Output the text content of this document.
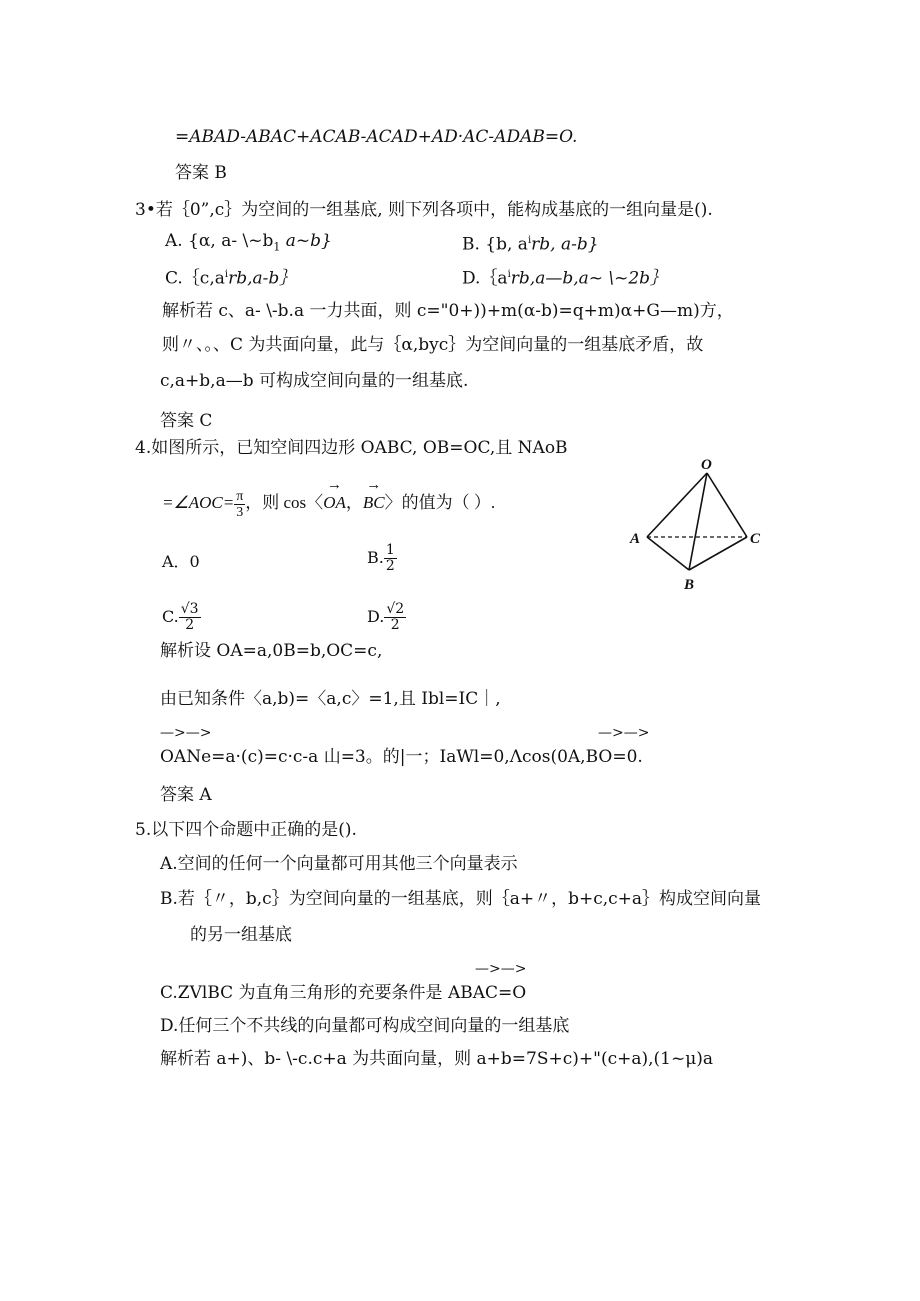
=ABAD-ABAC+ACAB-ACAD+AD·AC-ADAB=O.
答案 B
3•若｛0”,c｝为空间的一组基底, 则下列各项中，能构成基底的一组向量是().
A. {α, a- $\backslash\sim b_1$ a~b}	B. {b, $a^irb$, a-b}
$C.\{c,a^irb,a-b\}$	$D.\{a^irb,a—b,a\sim$ \~2b｝
解析若 c、a- \-b.a 一力共面，则 c="0+))+m(α-b)=q+m)α+G—m)方，
则〃、。、C 为共面向量，此与｛α,byc｝为空间向量的一组基底矛盾，故
c,a+b,a—b 可构成空间向量的一组基底.
答案 C
4.如图所示，已知空间四边形 OABC, OB=OC,且 NAoB
=∠AOC= $\frac{\pi}{3}$ ，则 cos〈
→
OA，
→
BC〉的值为（ ）.
A．0	B. $\frac{1}{2}$
C. $\frac{√3}{2}$	D. $\frac{√2}{2}$
O
A
B
C
解析设 OA=a,0B=b,OC=c,
由已知条件〈a,b)=〈a,c〉=1,且 Ibl=IC｜,
—>—>	—>—>
OANe=a·(c)=c·c-a 山=3。的|一；IaWl=0,Λcos(0A,BO=0.
答案 A
5.以下四个命题中正确的是().
A.空间的任何一个向量都可用其他三个向量表示
B.若｛〃，b,c｝为空间向量的一组基底，则｛a+〃，b+c,c+a｝构成空间向量
的另一组基底
—>—>
C.ZVlBC 为直角三角形的充要条件是 ABAC=O
D.任何三个不共线的向量都可构成空间向量的一组基底
解析若 a+)、b- \-c.c+a 为共面向量，则 a+b=7S+c)+"(c+a),(1~μ)a
